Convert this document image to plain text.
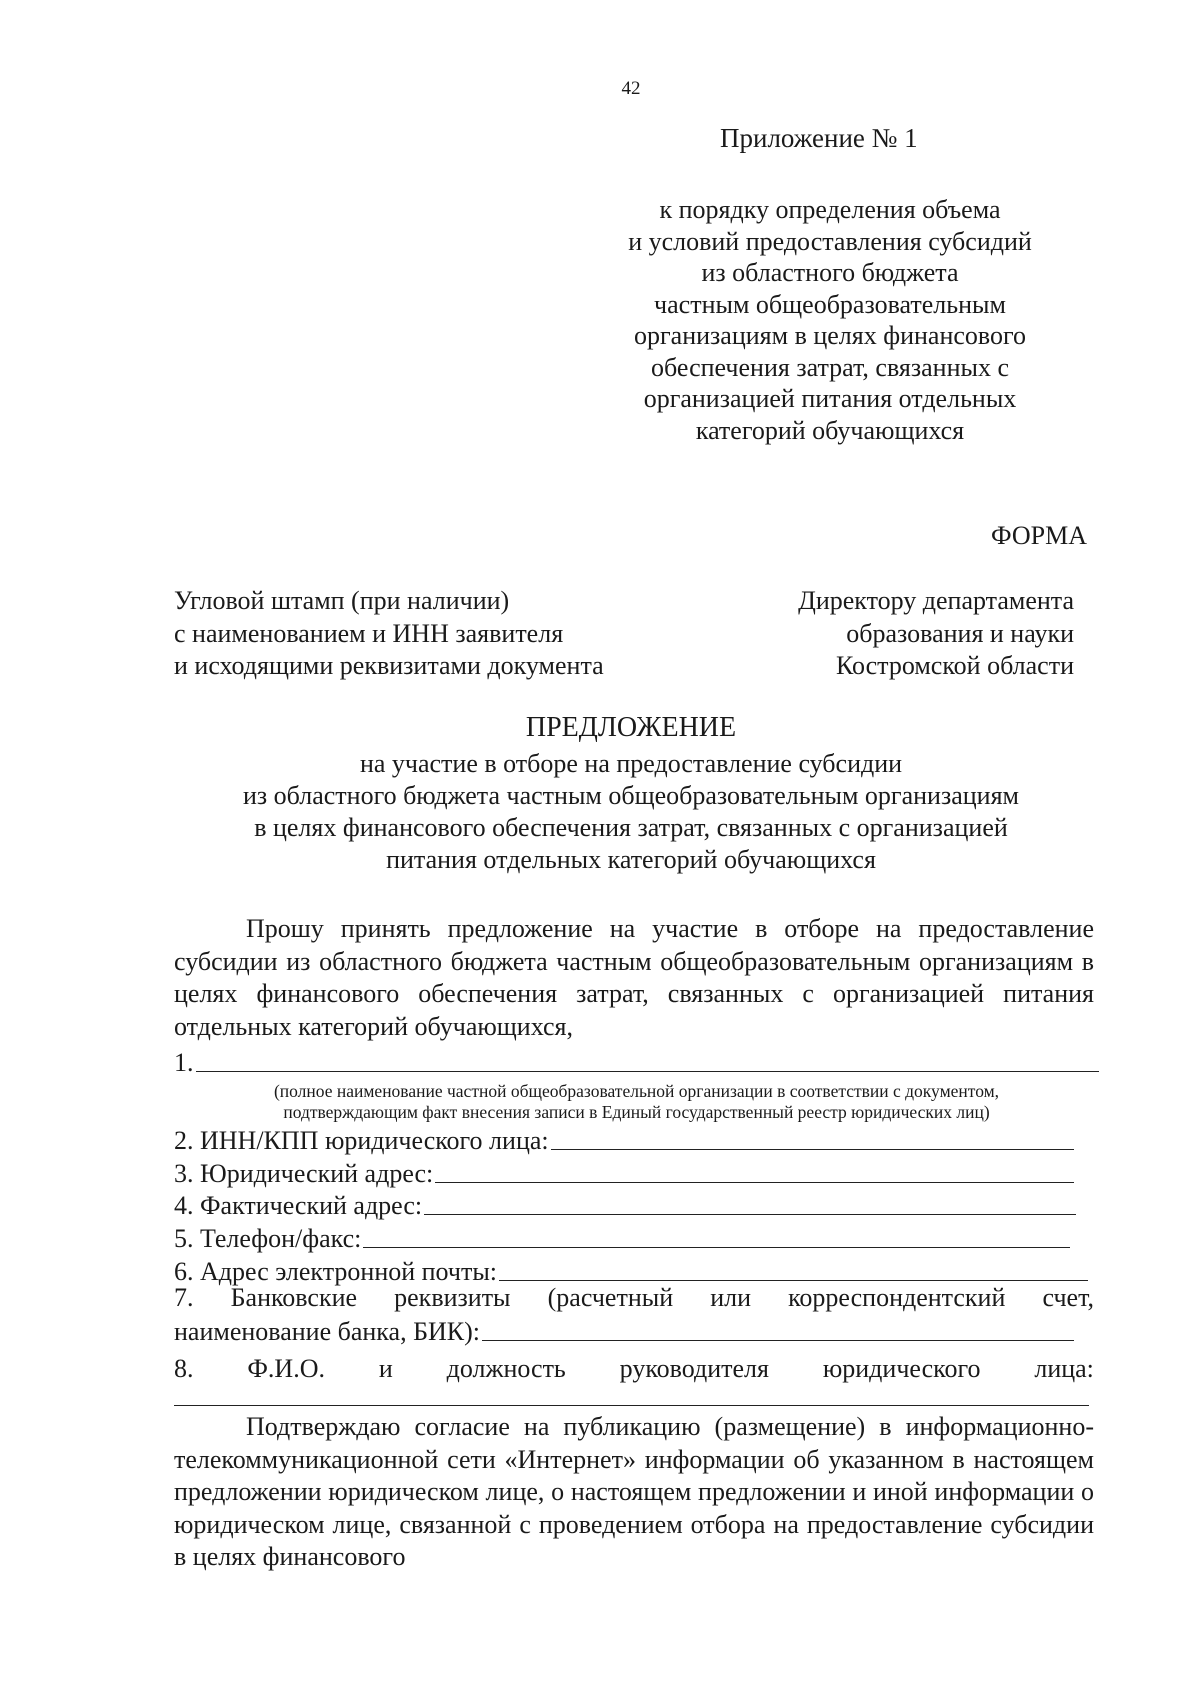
42
Приложение № 1
к порядку определения объема
и условий предоставления субсидий
из областного бюджета
частным общеобразовательным
организациям в целях финансового
обеспечения затрат, связанных с
организацией питания отдельных
категорий обучающихся
ФОРМА
Угловой штамп (при наличии)
с наименованием и ИНН заявителя
и исходящими реквизитами документа
Директору департамента
образования и науки
Костромской области
ПРЕДЛОЖЕНИЕ
на участие в отборе на предоставление субсидии
из областного бюджета частным общеобразовательным организациям
в целях финансового обеспечения затрат, связанных с организацией
питания отдельных категорий обучающихся
Прошу принять предложение на участие в отборе на предоставление субсидии из областного бюджета частным общеобразовательным организациям в целях финансового обеспечения затрат, связанных с организацией питания отдельных категорий обучающихся,
1.
(полное наименование частной общеобразовательной организации в соответствии с документом,
подтверждающим факт внесения записи в Единый государственный реестр юридических лиц)
2. ИНН/КПП юридического лица:
3. Юридический адрес:
4. Фактический адрес:
5. Телефон/факс:
6. Адрес электронной почты:
7. Банковские реквизиты (расчетный или корреспондентский счет,
наименование банка, БИК):
8. Ф.И.О. и должность руководителя юридического лица:
Подтверждаю согласие на публикацию (размещение) в информационно-телекоммуникационной сети «Интернет» информации об указанном в настоящем предложении юридическом лице, о настоящем предложении и иной информации о юридическом лице, связанной с проведением отбора на предоставление субсидии в целях финансового
